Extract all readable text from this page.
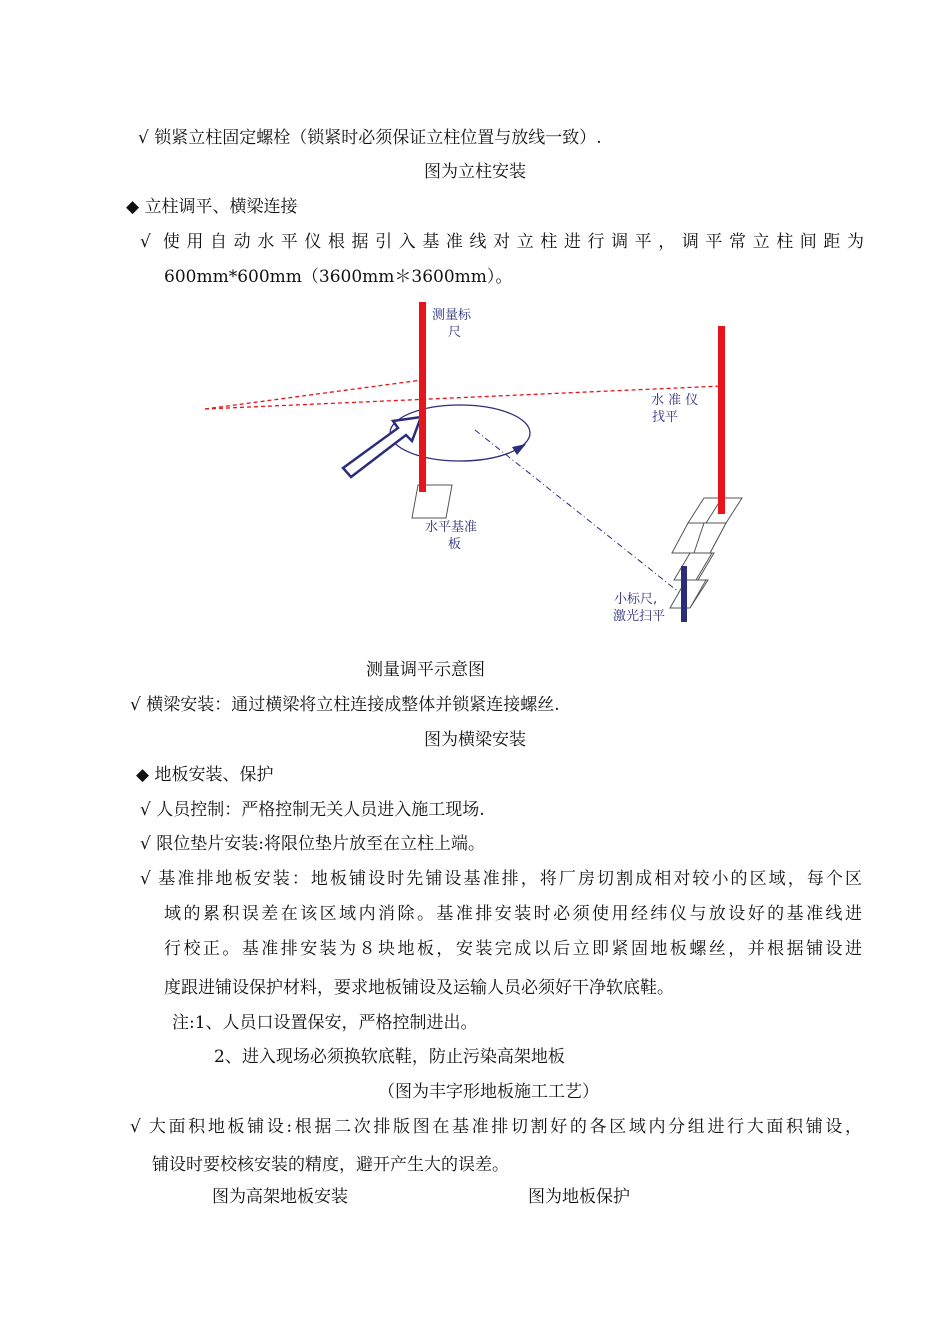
√ 锁紧立柱固定螺栓（锁紧时必须保证立柱位置与放线一致）.
图为立柱安装
◆ 立柱调平、横梁连接
√ 使用自动水平仪根据引入基准线对立柱进行调平，调平常立柱间距为
600mm*600mm（3600mm＊3600mm）。
测量标
尺
水 准 仪
找平
水平基准
板
小标尺,
激光扫平
测量调平示意图
√ 横梁安装：通过横梁将立柱连接成整体并锁紧连接螺丝.
图为横梁安装
◆ 地板安装、保护
√ 人员控制：严格控制无关人员进入施工现场.
√ 限位垫片安装:将限位垫片放至在立柱上端。
√ 基准排地板安装：地板铺设时先铺设基准排，将厂房切割成相对较小的区域，每个区
域的累积误差在该区域内消除。基准排安装时必须使用经纬仪与放设好的基准线进
行校正。基准排安装为８块地板，安装完成以后立即紧固地板螺丝，并根据铺设进
度跟进铺设保护材料，要求地板铺设及运输人员必须好干净软底鞋。
注:1、人员口设置保安，严格控制进出。
2、进入现场必须换软底鞋，防止污染高架地板
（图为丰字形地板施工工艺）
√ 大面积地板铺设:根据二次排版图在基准排切割好的各区域内分组进行大面积铺设，
铺设时要校核安装的精度，避开产生大的误差。
图为高架地板安装	图为地板保护
